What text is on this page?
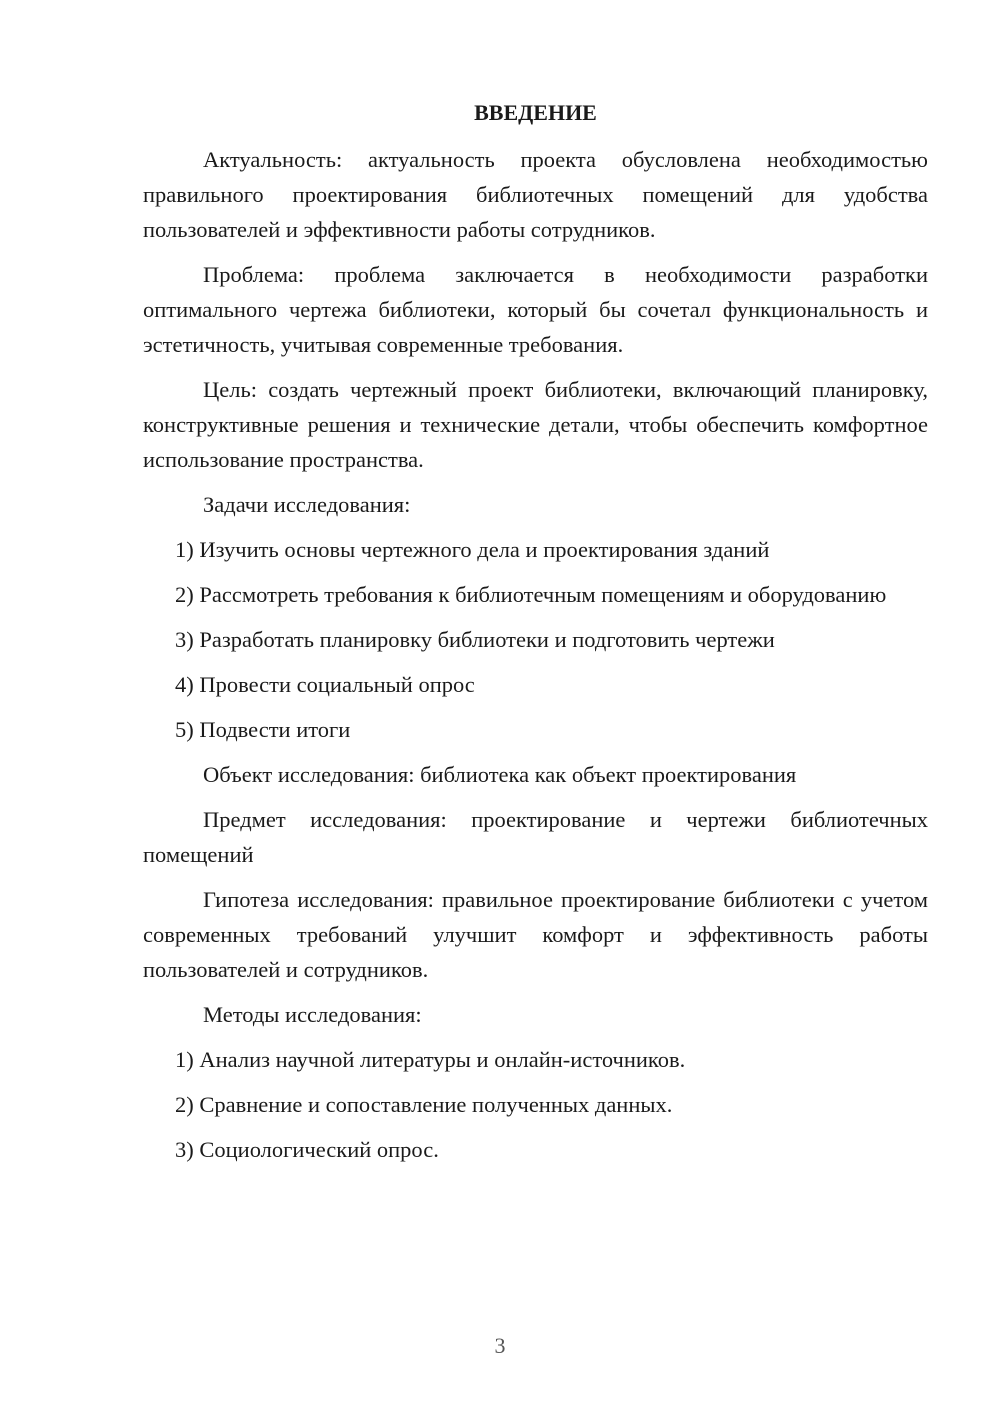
ВВЕДЕНИЕ

Актуальность: актуальность проекта обусловлена необходимостью правильного проектирования библиотечных помещений для удобства пользователей и эффективности работы сотрудников.

Проблема: проблема заключается в необходимости разработки оптимального чертежа библиотеки, который бы сочетал функциональность и эстетичность, учитывая современные требования.

Цель: создать чертежный проект библиотеки, включающий планировку, конструктивные решения и технические детали, чтобы обеспечить комфортное использование пространства.

Задачи исследования:

1) Изучить основы чертежного дела и проектирования зданий

2) Рассмотреть требования к библиотечным помещениям и оборудованию

3) Разработать планировку библиотеки и подготовить чертежи

4) Провести социальный опрос

5) Подвести итоги

Объект исследования: библиотека как объект проектирования

Предмет исследования: проектирование и чертежи библиотечных помещений

Гипотеза исследования: правильное проектирование библиотеки с учетом современных требований улучшит комфорт и эффективность работы пользователей и сотрудников.

Методы исследования:

1) Анализ научной литературы и онлайн-источников.

2) Сравнение и сопоставление полученных данных.

3) Социологический опрос.

3
